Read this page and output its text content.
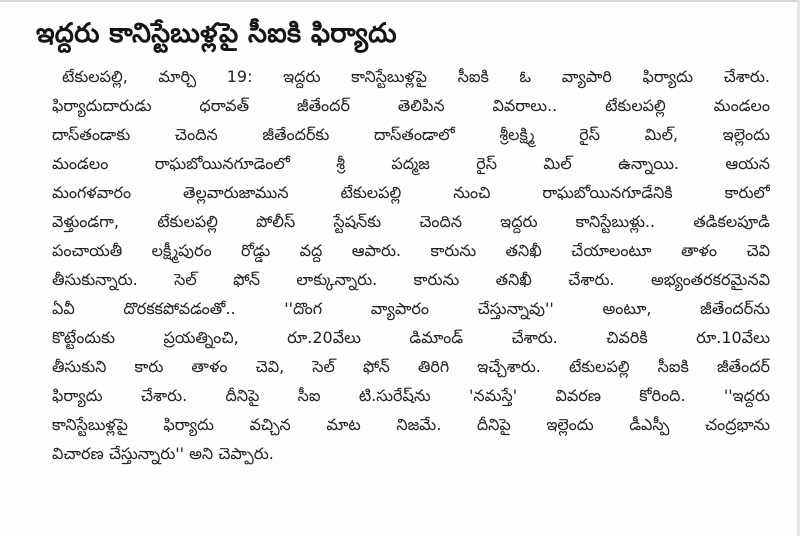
ఇద్దరు కానిస్టేబుళ్లపై సీఐకి ఫిర్యాదు
టేకులపల్లి, మార్చి 19: ఇద్దరు కానిస్టేబుళ్లపై సీఐకి ఓ వ్యాపారి ఫిర్యాదు చేశారు.
ఫిర్యాదుదారుడు ధరావత్ జీతేందర్ తెలిపిన వివరాలు.. టేకులపల్లి మండలం
దాస్‌తండాకు చెందిన జీతేందర్‌కు దాస్‌తండాలో శ్రీలక్ష్మి రైస్ మిల్, ఇల్లెందు
మండలం రాఘబోయినగూడెంలో శ్రీ పద్మజ రైస్ మిల్ ఉన్నాయి. ఆయన
మంగళవారం తెల్లవారుజామున టేకులపల్లి నుంచి రాఘబోయినగూడేనికి కారులో
వెళ్తుండగా, టేకులపల్లి పోలీస్ స్టేషన్‌కు చెందిన ఇద్దరు కానిస్టేబుళ్లు.. తడికలపూడి
పంచాయతీ లక్ష్మీపురం రోడ్డు వద్ద ఆపారు. కారును తనిఖీ చేయాలంటూ తాళం చెవి
తీసుకున్నారు. సెల్ ఫోన్ లాక్కున్నారు. కారును తనిఖీ చేశారు. అభ్యంతరకరమైనవి
ఏవీ దొరకకపోవడంతో.. ''దొంగ వ్యాపారం చేస్తున్నావు'' అంటూ, జీతేందర్‌ను
కొట్టేందుకు ప్రయత్నించి, రూ.20వేలు డిమాండ్ చేశారు. చివరికి రూ.10వేలు
తీసుకుని కారు తాళం చెవి, సెల్ ఫోన్ తిరిగి ఇచ్చేశారు. టేకులపల్లి సీఐకి జీతేందర్
ఫిర్యాదు చేశారు. దీనిపై సీఐ టి.సురేష్‌ను 'నమస్తే' వివరణ కోరింది. ''ఇద్దరు
కానిస్టేబుళ్లపై ఫిర్యాదు వచ్చిన మాట నిజమే. దీనిపై ఇల్లెందు డీఎస్పీ చంద్రభాను
విచారణ చేస్తున్నారు'' అని చెప్పారు.
